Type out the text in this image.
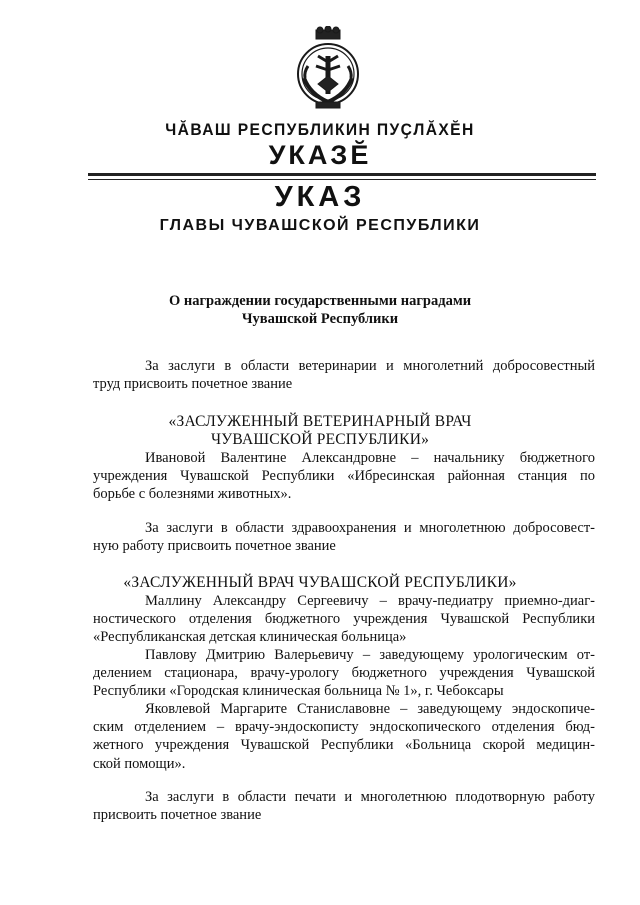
ЧĂВАШ РЕСПУБЛИКИН ПУҪЛĂХĔН
УКАЗĔ
УКАЗ
ГЛАВЫ ЧУВАШСКОЙ РЕСПУБЛИКИ
О награждении государственными наградами
Чувашской Республики
За заслуги в области ветеринарии и многолетний добросовестный
труд присвоить почетное звание
«ЗАСЛУЖЕННЫЙ ВЕТЕРИНАРНЫЙ ВРАЧ
ЧУВАШСКОЙ РЕСПУБЛИКИ»
Ивановой Валентине Александровне – начальнику бюджетного
учреждения Чувашской Республики «Ибресинская районная станция по
борьбе с болезнями животных».
За заслуги в области здравоохранения и многолетнюю добросовест-
ную работу присвоить почетное звание
«ЗАСЛУЖЕННЫЙ ВРАЧ ЧУВАШСКОЙ РЕСПУБЛИКИ»
Маллину Александру Сергеевичу – врачу-педиатру приемно-диаг-
ностического отделения бюджетного учреждения Чувашской Республики
«Республиканская детская клиническая больница»
Павлову Дмитрию Валерьевичу – заведующему урологическим от-
делением стационара, врачу-урологу бюджетного учреждения Чувашской
Республики «Городская клиническая больница № 1», г. Чебоксары
Яковлевой Маргарите Станиславовне – заведующему эндоскопиче-
ским отделением – врачу-эндоскописту эндоскопического отделения бюд-
жетного учреждения Чувашской Республики «Больница скорой медицин-
ской помощи».
За заслуги в области печати и многолетнюю плодотворную работу
присвоить почетное звание
